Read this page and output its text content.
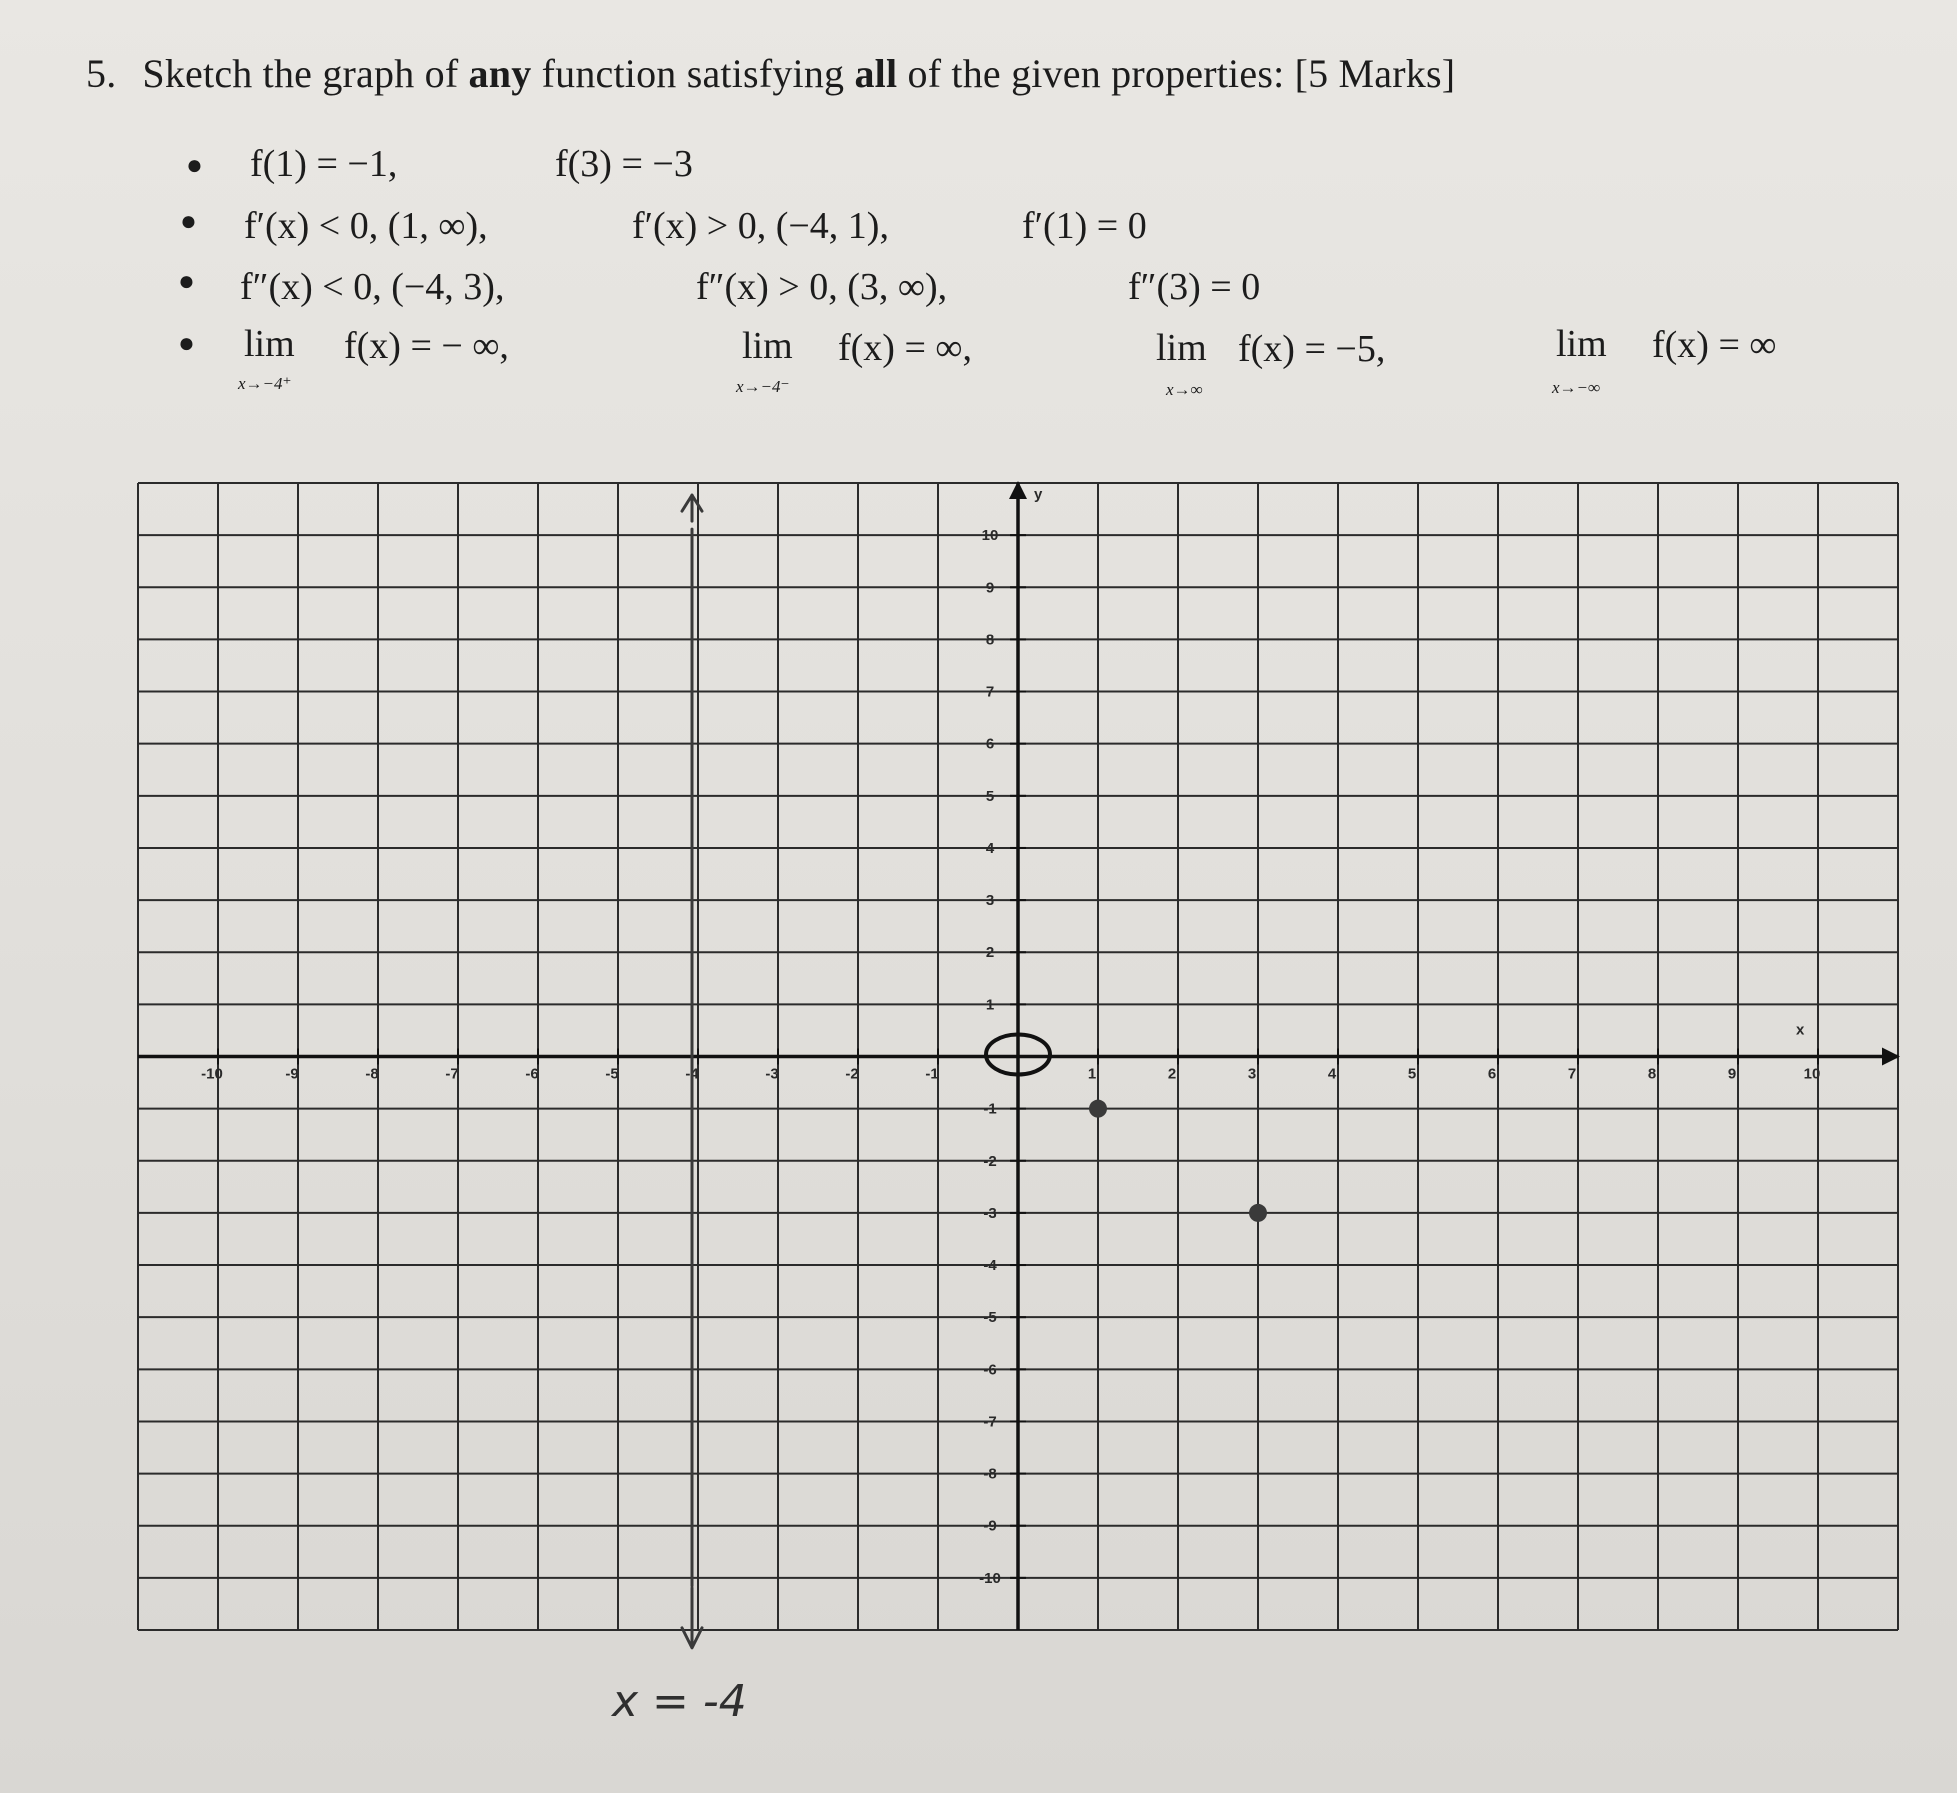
5. Sketch the graph of any function satisfying all of the given properties: [5 Marks]
●
●
●
●
f(1) = −1,	f(3) = −3
f′(x) < 0, (1, ∞),	f′(x) > 0, (−4, 1),	f′(1) = 0
f″(x) < 0, (−4, 3),	f″(x) > 0, (3, ∞),	f″(3) = 0
lim f(x) = − ∞,
x→−4⁺
lim f(x) = ∞,
x→−4⁻
lim f(x) = −5,
x→∞
lim f(x) = ∞
x→−∞
x
y
-10	-9	-8	-7	-6	-5	-4	-3	-2	-1	1	2	3	4	5	6	7	8	9	10
10
9
8
7
6
5
4
3
2
1
-1
-2
-3
-4
-5
-6
-7
-8
-9
-10
x = -4
